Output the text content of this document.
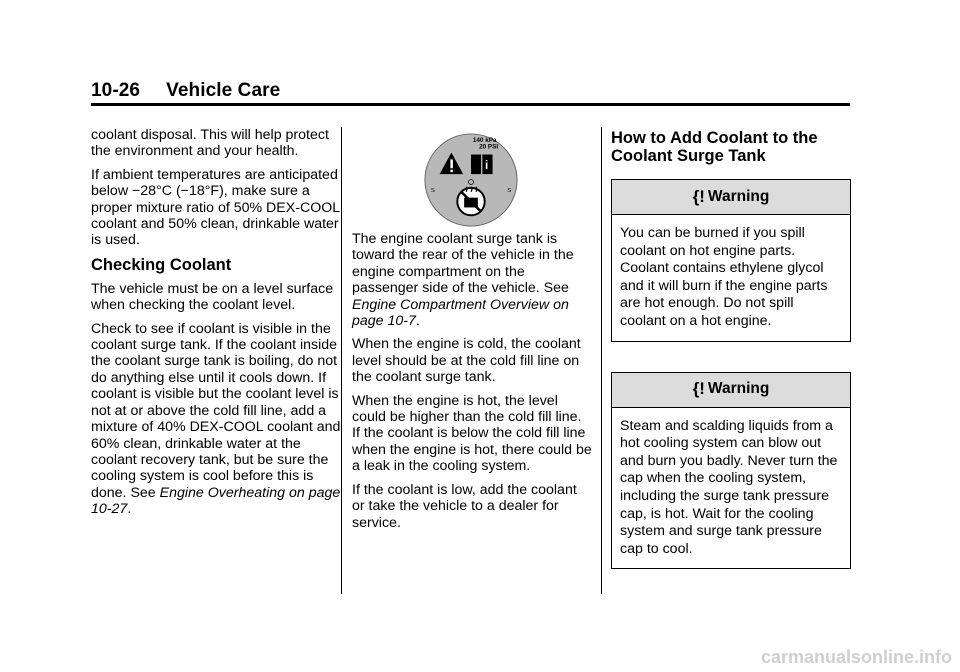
10-26 Vehicle Care

coolant disposal. This will help protect the environment and your health.

If ambient temperatures are anticipated below −28°C (−18°F), make sure a proper mixture ratio of 50% DEX-COOL coolant and 50% clean, drinkable water is used.

Checking Coolant

The vehicle must be on a level surface when checking the coolant level.

Check to see if coolant is visible in the coolant surge tank. If the coolant inside the coolant surge tank is boiling, do not do anything else until it cools down. If coolant is visible but the coolant level is not at or above the cold fill line, add a mixture of 40% DEX-COOL coolant and 60% clean, drinkable water at the coolant recovery tank, but be sure the cooling system is cool before this is done. See Engine Overheating on page 10-27.

140 kPa
20 PSI
i
S	S

The engine coolant surge tank is toward the rear of the vehicle in the engine compartment on the passenger side of the vehicle. See Engine Compartment Overview on page 10-7.

When the engine is cold, the coolant level should be at the cold fill line on the coolant surge tank.

When the engine is hot, the level could be higher than the cold fill line. If the coolant is below the cold fill line when the engine is hot, there could be a leak in the cooling system.

If the coolant is low, add the coolant or take the vehicle to a dealer for service.

How to Add Coolant to the Coolant Surge Tank
{! Warning
You can be burned if you spill coolant on hot engine parts. Coolant contains ethylene glycol and it will burn if the engine parts are hot enough. Do not spill coolant on a hot engine.
{! Warning
Steam and scalding liquids from a hot cooling system can blow out and burn you badly. Never turn the cap when the cooling system, including the surge tank pressure cap, is hot. Wait for the cooling system and surge tank pressure cap to cool.
carmanualsonline.info
